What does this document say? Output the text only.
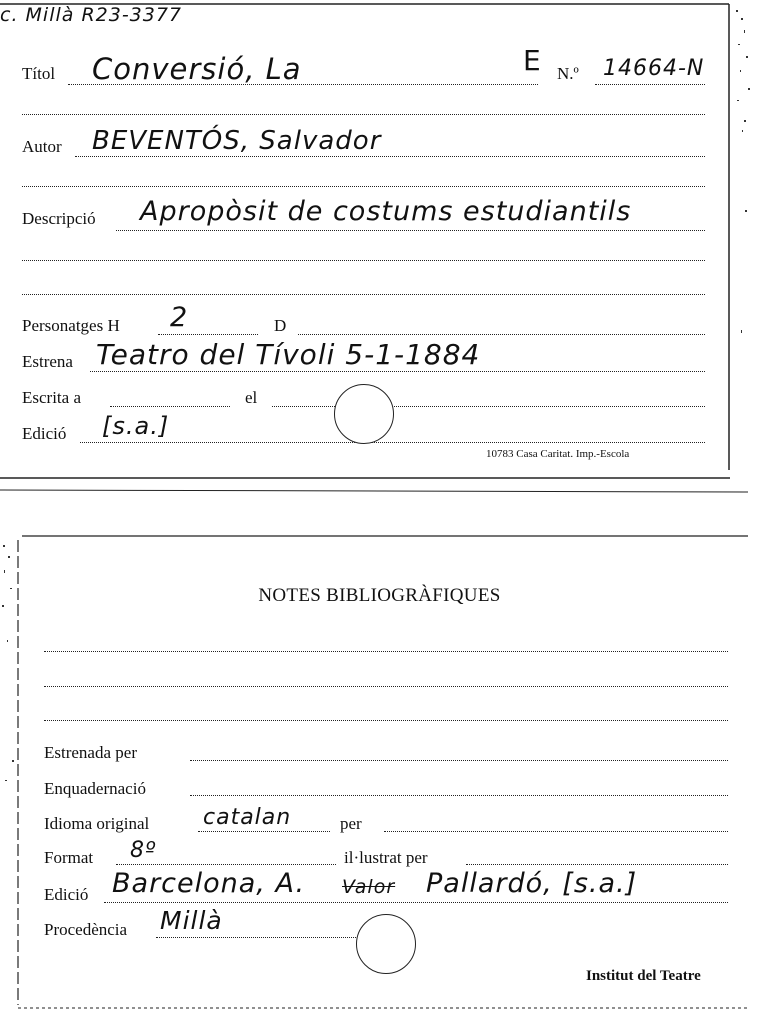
c. Millà R23-3377
Títol Conversió, La	E N.º 14664-N
Autor BEVENTÓS, Salvador
Descripció Apropòsit de costums estudiantils
Personatges H 2	D
Estrena Teatro del Tívoli 5-1-1884
Escrita a	el
Edició [s.a.]
10783 Casa Caritat. Imp.-Escola
NOTES BIBLIOGRÀFIQUES
Estrenada per
Enquadernació
Idioma original catalan	per
Format 8º	il·lustrat per
Edició Barcelona, A. Valor Pallardó, [s.a.]
Procedència Millà
Institut del Teatre
